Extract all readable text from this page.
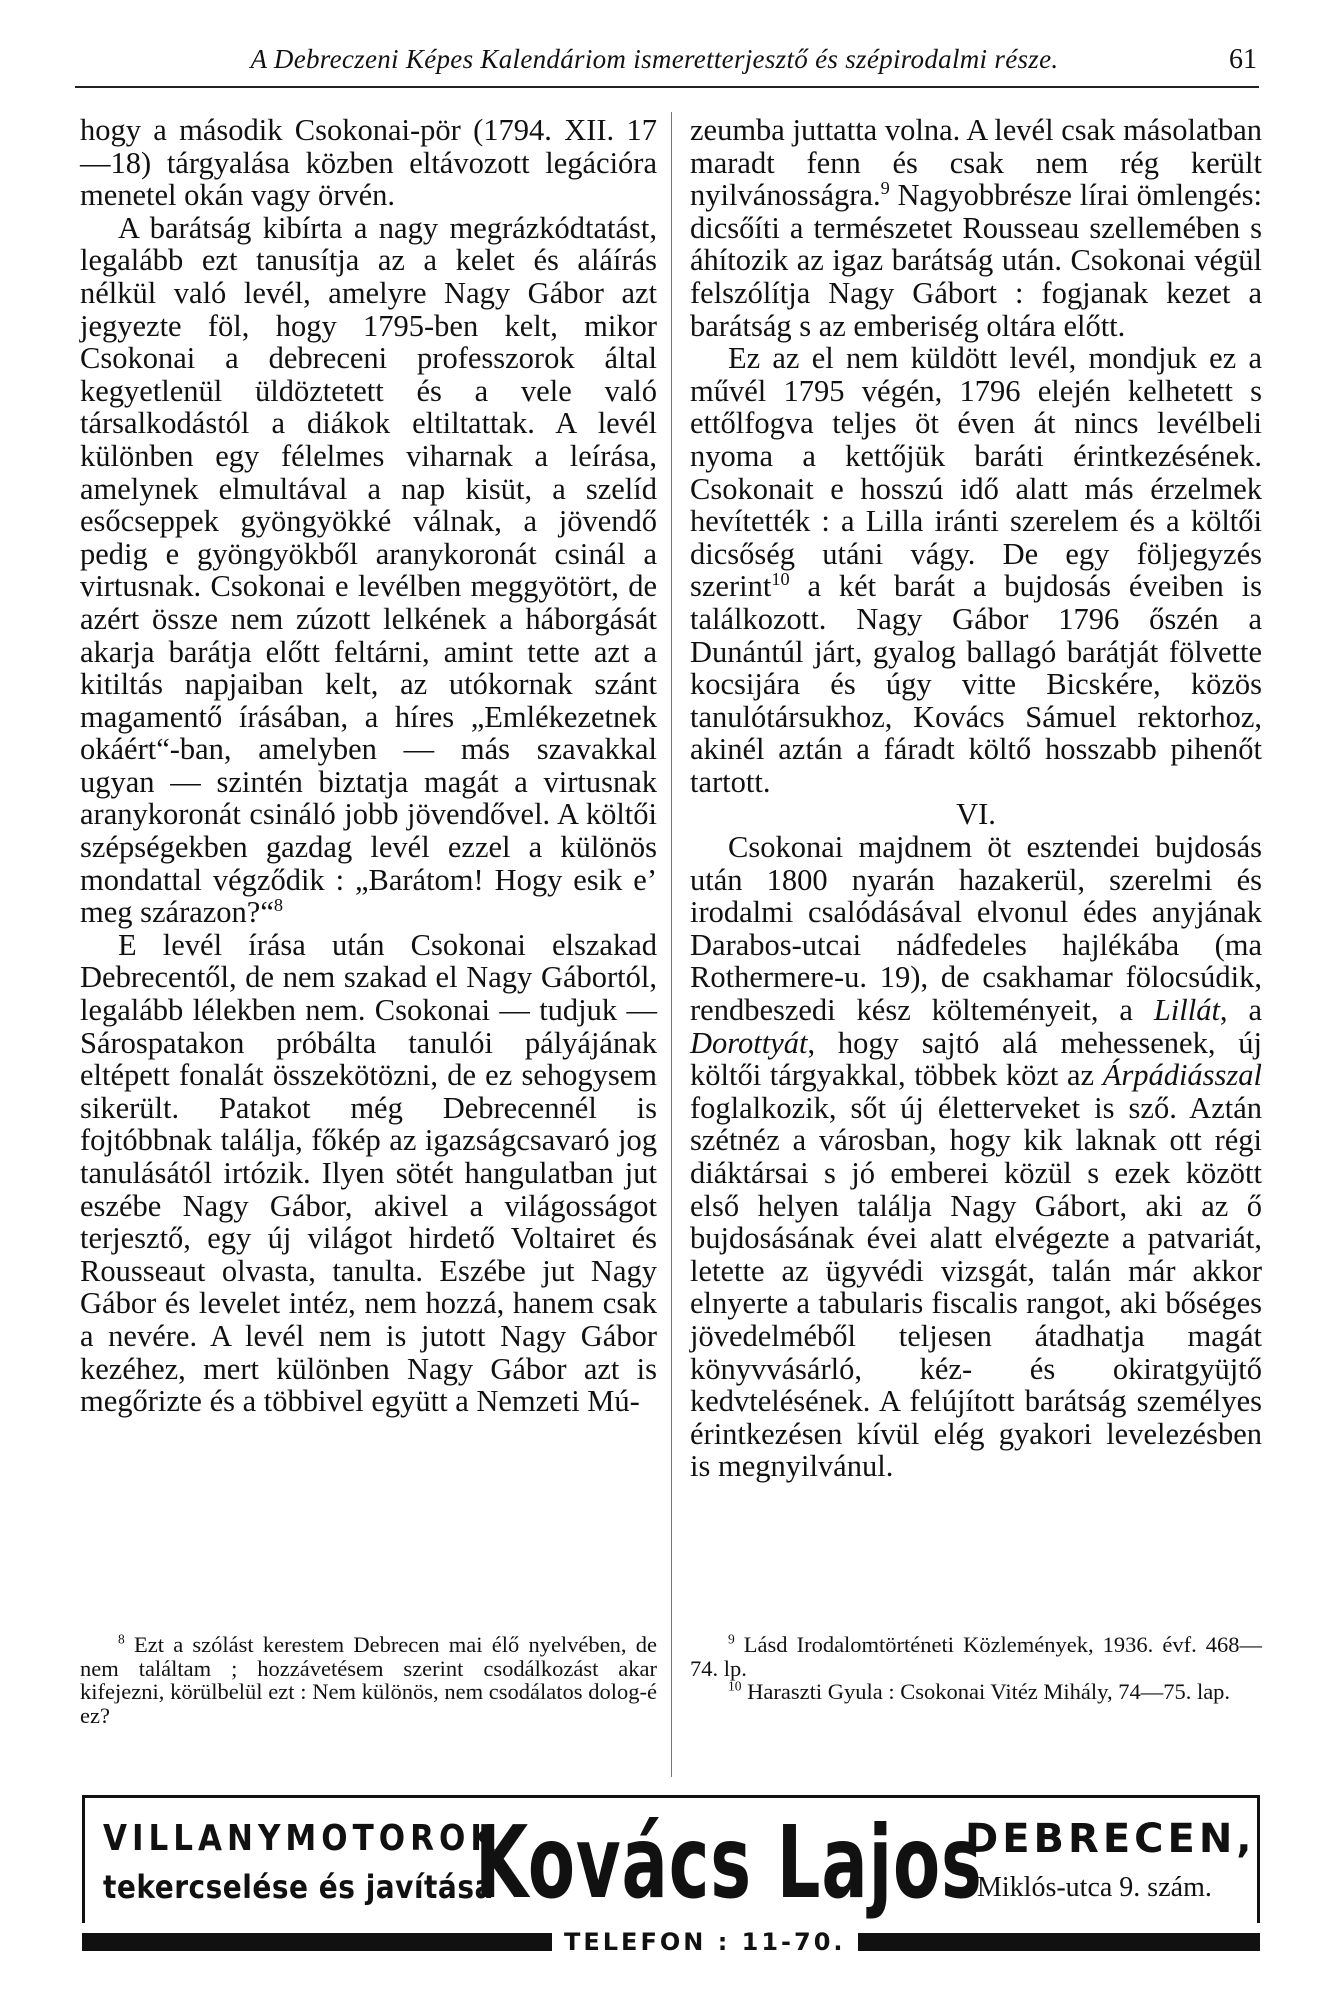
A Debreczeni Képes Kalendáriom ismeretterjesztő és szépirodalmi része.	61

hogy a második Csokonai-pör (1794. XII. 17—18) tárgyalása közben eltávozott legációra menetel okán vagy örvén.

A barátság kibírta a nagy megrázkódtatást, legalább ezt tanusítja az a kelet és aláírás nélkül való levél, amelyre Nagy Gábor azt jegyezte föl, hogy 1795-ben kelt, mikor Csokonai a debreceni professzorok által kegyetlenül üldöztetett és a vele való társalkodástól a diákok eltiltattak. A levél különben egy félelmes viharnak a leírása, amelynek elmultával a nap kisüt, a szelíd esőcseppek gyöngyökké válnak, a jövendő pedig e gyöngyökből aranykoronát csinál a virtusnak. Csokonai e levélben meggyötört, de azért össze nem zúzott lelkének a háborgását akarja barátja előtt feltárni, amint tette azt a kitiltás napjaiban kelt, az utókornak szánt magamentő írásában, a híres „Emlékezetnek okáért“-ban, amelyben — más szavakkal ugyan — szintén biztatja magát a virtusnak aranykoronát csináló jobb jövendővel. A költői szépségekben gazdag levél ezzel a különös mondattal végződik : „Barátom! Hogy esik e’ meg szárazon?“$^8$

E levél írása után Csokonai elszakad Debrecentől, de nem szakad el Nagy Gábortól, legalább lélekben nem. Csokonai — tudjuk — Sárospatakon próbálta tanulói pályájának eltépett fonalát összekötözni, de ez sehogysem sikerült. Patakot még Debrecennél is fojtóbbnak találja, főkép az igazságcsavaró jog tanulásától irtózik. Ilyen sötét hangulatban jut eszébe Nagy Gábor, akivel a világosságot terjesztő, egy új világot hirdető Voltairet és Rousseaut olvasta, tanulta. Eszébe jut Nagy Gábor és levelet intéz, nem hozzá, hanem csak a nevére. A levél nem is jutott Nagy Gábor kezéhez, mert különben Nagy Gábor azt is megőrizte és a többivel együtt a Nemzeti Mú-

zeumba juttatta volna. A levél csak másolatban maradt fenn és csak nem rég került nyilvánosságra.$^9$ Nagyobbrésze lírai ömlengés: dicsőíti a természetet Rousseau szellemében s áhítozik az igaz barátság után. Csokonai végül felszólítja Nagy Gábort : fogjanak kezet a barátság s az emberiség oltára előtt.

Ez az el nem küldött levél, mondjuk ez a művél 1795 végén, 1796 elején kelhetett s ettőlfogva teljes öt éven át nincs levélbeli nyoma a kettőjük baráti érintkezésének. Csokonait e hosszú idő alatt más érzelmek hevítették : a Lilla iránti szerelem és a költői dicsőség utáni vágy. De egy följegyzés szerint$^{10}$ a két barát a bujdosás éveiben is találkozott. Nagy Gábor 1796 őszén a Dunántúl járt, gyalog ballagó barátját fölvette kocsijára és úgy vitte Bicskére, közös tanulótársukhoz, Kovács Sámuel rektorhoz, akinél aztán a fáradt költő hosszabb pihenőt tartott.

VI.

Csokonai majdnem öt esztendei bujdosás után 1800 nyarán hazakerül, szerelmi és irodalmi csalódásával elvonul édes anyjának Darabos-utcai nádfedeles hajlékába (ma Rothermere-u. 19), de csakhamar fölocsúdik, rendbeszedi kész költeményeit, a Lillát, a Dorottyát, hogy sajtó alá mehessenek, új költői tárgyakkal, többek közt az Árpádiásszal foglalkozik, sőt új életterveket is sző. Aztán szétnéz a városban, hogy kik laknak ott régi diáktársai s jó emberei közül s ezek között első helyen találja Nagy Gábort, aki az ő bujdosásának évei alatt elvégezte a patvariát, letette az ügyvédi vizsgát, talán már akkor elnyerte a tabularis fiscalis rangot, aki bőséges jövedelméből teljesen átadhatja magát könyvvásárló, kéz- és okiratgyüjtő kedvtelésének. A felújított barátság személyes érintkezésen kívül elég gyakori levelezésben is megnyilvánul.

$^8$ Ezt a szólást kerestem Debrecen mai élő nyelvében, de nem találtam ; hozzávetésem szerint csodálkozást akar kifejezni, körülbelül ezt : Nem különös, nem csodálatos dolog-é ez?

$^9$ Lásd Irodalomtörténeti Közlemények, 1936. évf. 468—74. lp.

$^{10}$ Haraszti Gyula : Csokonai Vitéz Mihály, 74—75. lap.

VILLANYMOTOROK
tekercselése és javítása
Kovács Lajos
DEBRECEN,
Miklós-utca 9. szám.
TELEFON : 11-70.
